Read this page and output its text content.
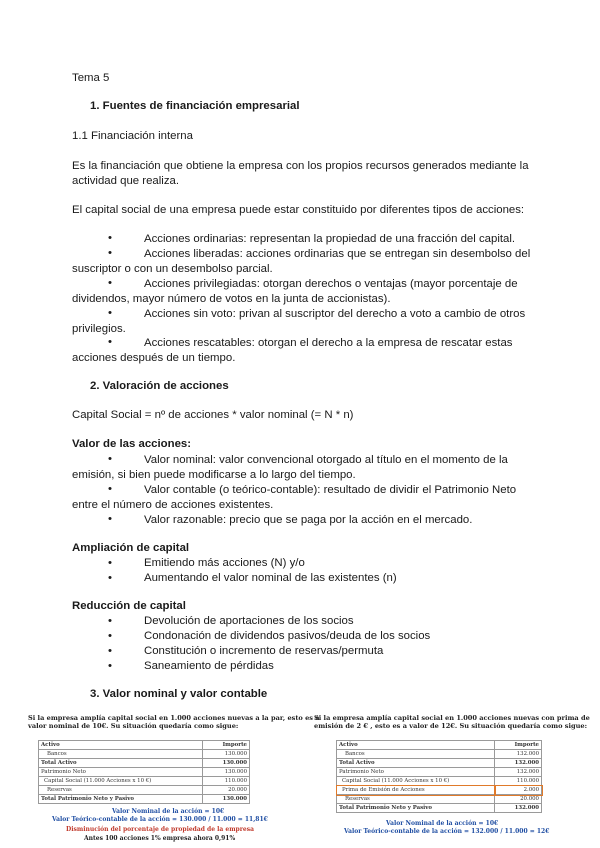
Tema 5
1. Fuentes de financiación empresarial
1.1 Financiación interna
Es la financiación que obtiene la empresa con los propios recursos generados mediante la actividad que realiza.
El capital social de una empresa puede estar constituido por diferentes tipos de acciones:
•	Acciones ordinarias: representan la propiedad de una fracción del capital.
•	Acciones liberadas: acciones ordinarias que se entregan sin desembolso del suscriptor o con un desembolso parcial.
•	Acciones privilegiadas: otorgan derechos o ventajas (mayor porcentaje de dividendos, mayor número de votos en la junta de accionistas).
•	Acciones sin voto: privan al suscriptor del derecho a voto a cambio de otros privilegios.
•	Acciones rescatables: otorgan el derecho a la empresa de rescatar estas acciones después de un tiempo.
2. Valoración de acciones
Capital Social = nº de acciones * valor nominal (= N * n)
Valor de las acciones:
•	Valor nominal: valor convencional otorgado al título en el momento de la emisión, si bien puede modificarse a lo largo del tiempo.
•	Valor contable (o teórico-contable): resultado de dividir el Patrimonio Neto entre el número de acciones existentes.
•	Valor razonable: precio que se paga por la acción en el mercado.
Ampliación de capital
•	Emitiendo más acciones (N) y/o
•	Aumentando el valor nominal de las existentes (n)
Reducción de capital
•	Devolución de aportaciones de los socios
•	Condonación de dividendos pasivos/deuda de los socios
•	Constitución o incremento de reservas/permuta
•	Saneamiento de pérdidas
3. Valor nominal y valor contable
Si la empresa amplía capital social en 1.000 acciones nuevas a la par, esto es a
valor nominal de 10€. Su situación quedaría como sigue:
Activo	Importe
Bancos	130.000
Total Activo	130.000
Patrimonio Neto	130.000
Capital Social (11.000 Acciones x 10 €)	110.000
Reservas	20.000
Total Patrimonio Neto y Pasivo	130.000
Valor Nominal de la acción = 10€
Valor Teórico-contable de la acción = 130.000 / 11.000 = 11,81€
Disminución del porcentaje de propiedad de la empresa
Antes 100 acciones 1% empresa ahora 0,91%
Si la empresa amplía capital social en 1.000 acciones nuevas con prima de
emisión de 2 € , esto es a valor de 12€. Su situación quedaría como sigue:
Activo	Importe
Bancos	132.000
Total Activo	132.000
Patrimonio Neto	132.000
Capital Social (11.000 Acciones x 10 €)	110.000
Prima de Emisión de Acciones	2.000
Reservas	20.000
Total Patrimonio Neto y Pasivo	132.000
Valor Nominal de la acción = 10€
Valor Teórico-contable de la acción = 132.000 / 11.000 = 12€
